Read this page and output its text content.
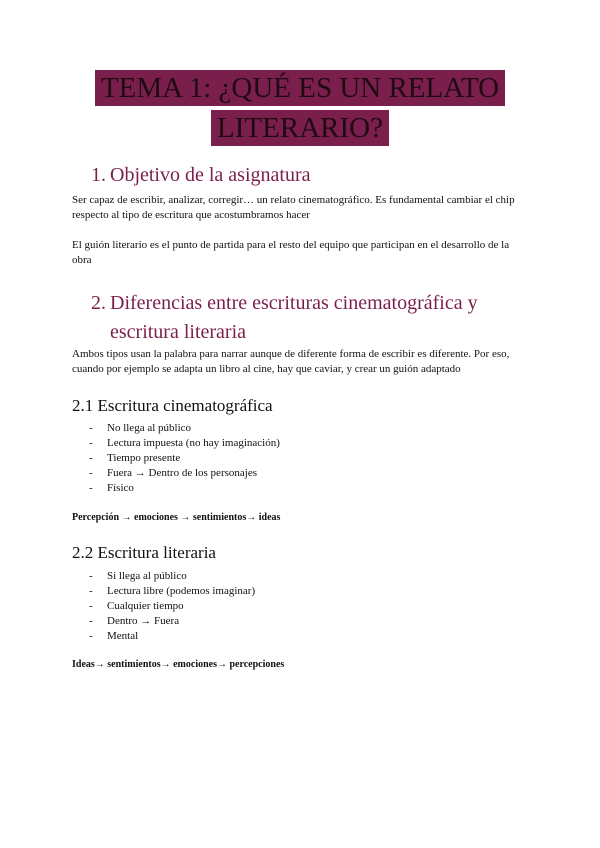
TEMA 1: ¿QUÉ ES UN RELATO
LITERARIO?
1. Objetivo de la asignatura
Ser capaz de escribir, analizar, corregir… un relato cinematográfico. Es fundamental cambiar el chip respecto al tipo de escritura que acostumbramos hacer
El guión literario es el punto de partida para el resto del equipo que participan en el desarrollo de la obra
2. Diferencias entre escrituras cinematográfica y escritura literaria
Ambos tipos usan la palabra para narrar aunque de diferente forma de escribir es diferente. Por eso, cuando por ejemplo se adapta un libro al cine, hay que caviar, y crear un guión adaptado
2.1 Escritura cinematográfica
- No llega al público
- Lectura impuesta (no hay imaginación)
- Tiempo presente
- Fuera → Dentro de los personajes
- Físico
Percepción → emociones → sentimientos→ ideas
2.2 Escritura literaria
- Si llega al público
- Lectura libre (podemos imaginar)
- Cualquier tiempo
- Dentro → Fuera
- Mental
Ideas→ sentimientos→ emociones→ percepciones
